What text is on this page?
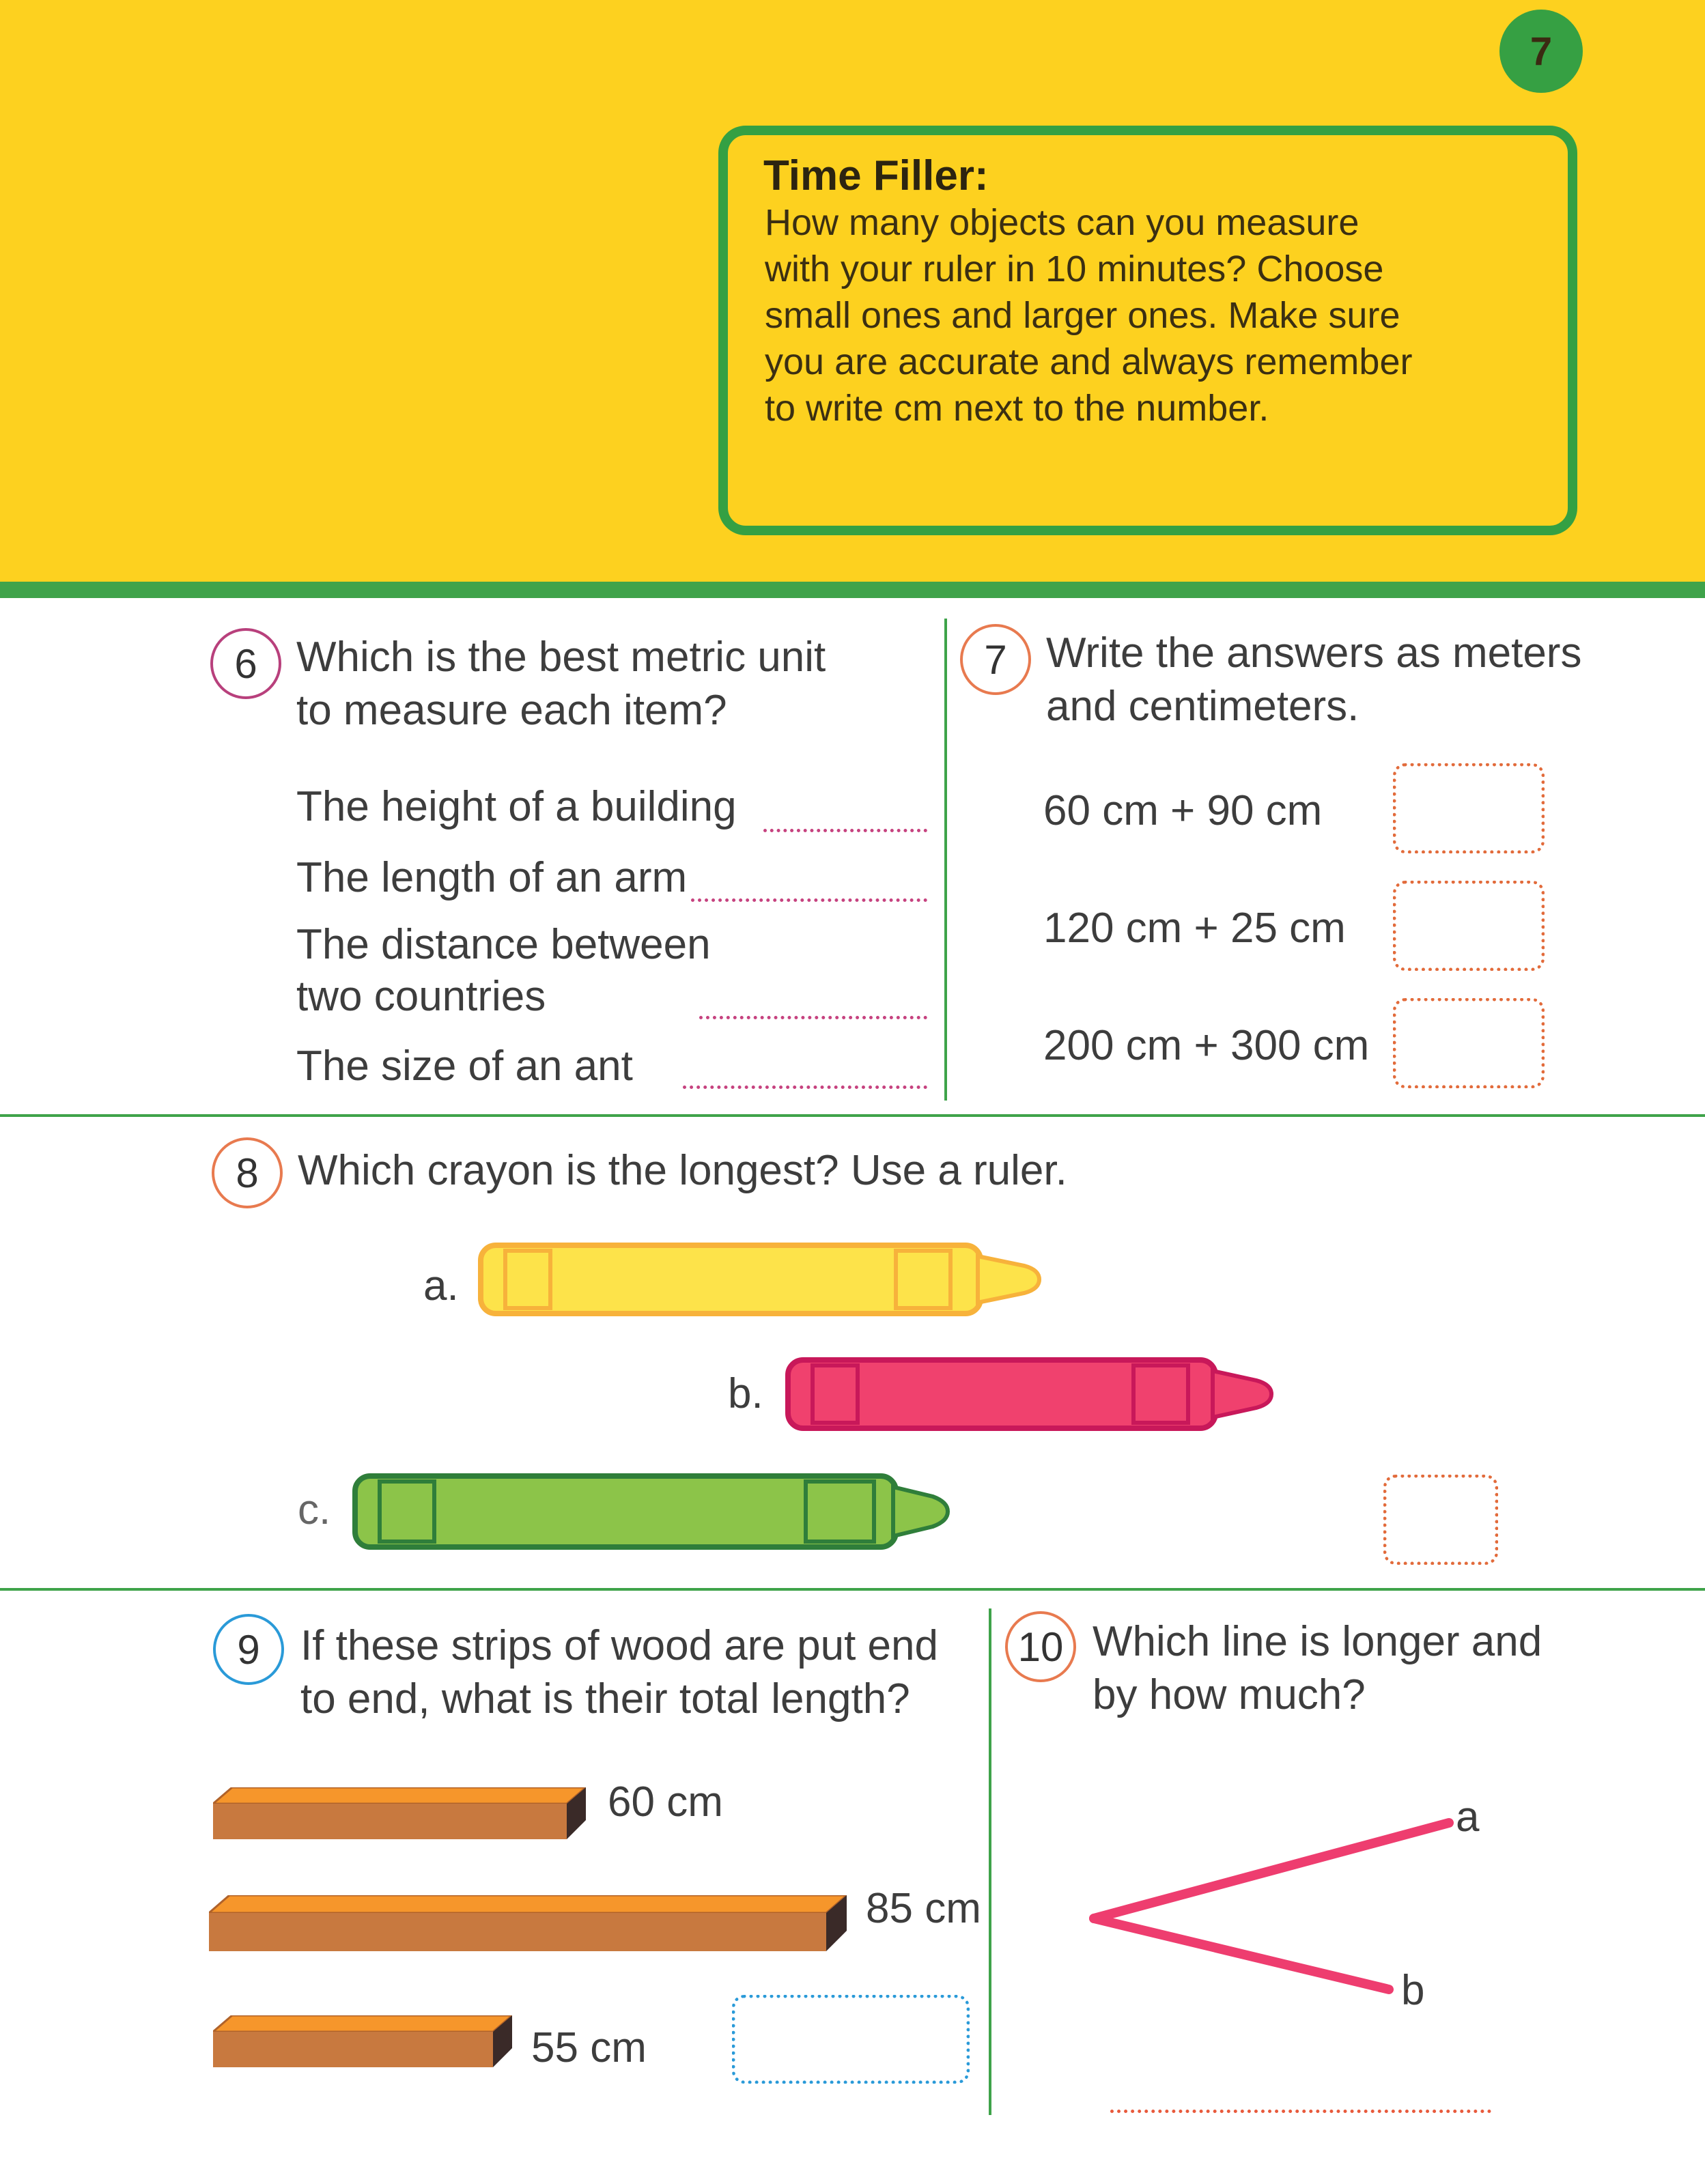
7
Time Filler:
How many objects can you measure
with your ruler in 10 minutes? Choose
small ones and larger ones. Make sure
you are accurate and always remember
to write cm next to the number.
6 Which is the best metric unit
to measure each item?
The height of a building
The length of an arm
The distance between
two countries
The size of an ant
7 Write the answers as meters
and centimeters.
60 cm + 90 cm
120 cm + 25 cm
200 cm + 300 cm
8 Which crayon is the longest? Use a ruler.
a.
b.
c.
9 If these strips of wood are put end
to end, what is their total length?
60 cm
85 cm
55 cm
10 Which line is longer and
by how much?
a
b
